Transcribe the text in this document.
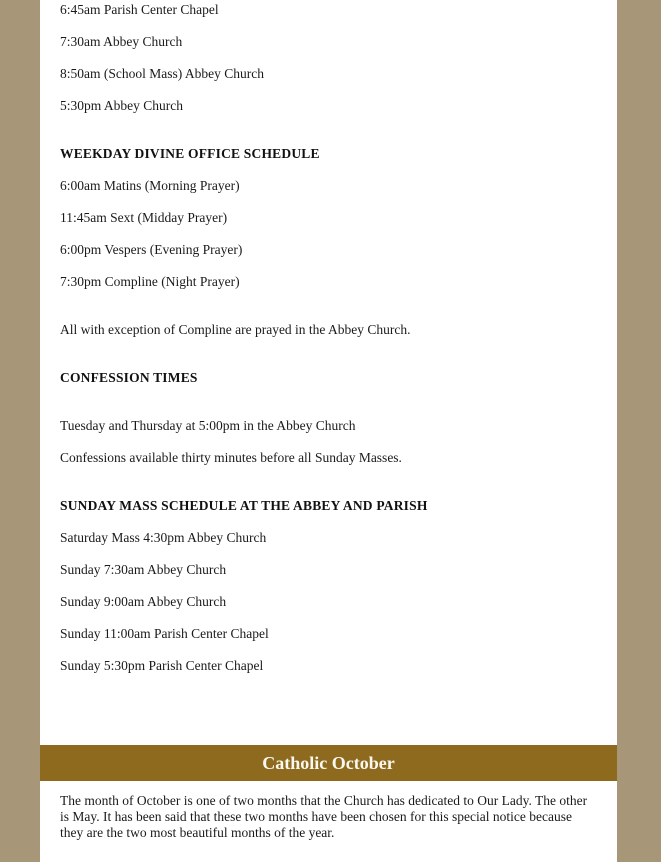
6:45am Parish Center Chapel

7:30am Abbey Church

8:50am (School Mass) Abbey Church

5:30pm Abbey Church

WEEKDAY DIVINE OFFICE SCHEDULE

6:00am Matins (Morning Prayer)

11:45am Sext (Midday Prayer)

6:00pm Vespers (Evening Prayer)

7:30pm Compline (Night Prayer)

All with exception of Compline are prayed in the Abbey Church.

CONFESSION TIMES

Tuesday and Thursday at 5:00pm in the Abbey Church

Confessions available thirty minutes before all Sunday Masses.

SUNDAY MASS SCHEDULE AT THE ABBEY AND PARISH

Saturday Mass 4:30pm Abbey Church

Sunday 7:30am Abbey Church

Sunday 9:00am Abbey Church

Sunday 11:00am Parish Center Chapel

Sunday 5:30pm Parish Center Chapel

Catholic October

The month of October is one of two months that the Church has dedicated to Our Lady. The other is May. It has been said that these two months have been chosen for this special notice because they are the two most beautiful months of the year.
